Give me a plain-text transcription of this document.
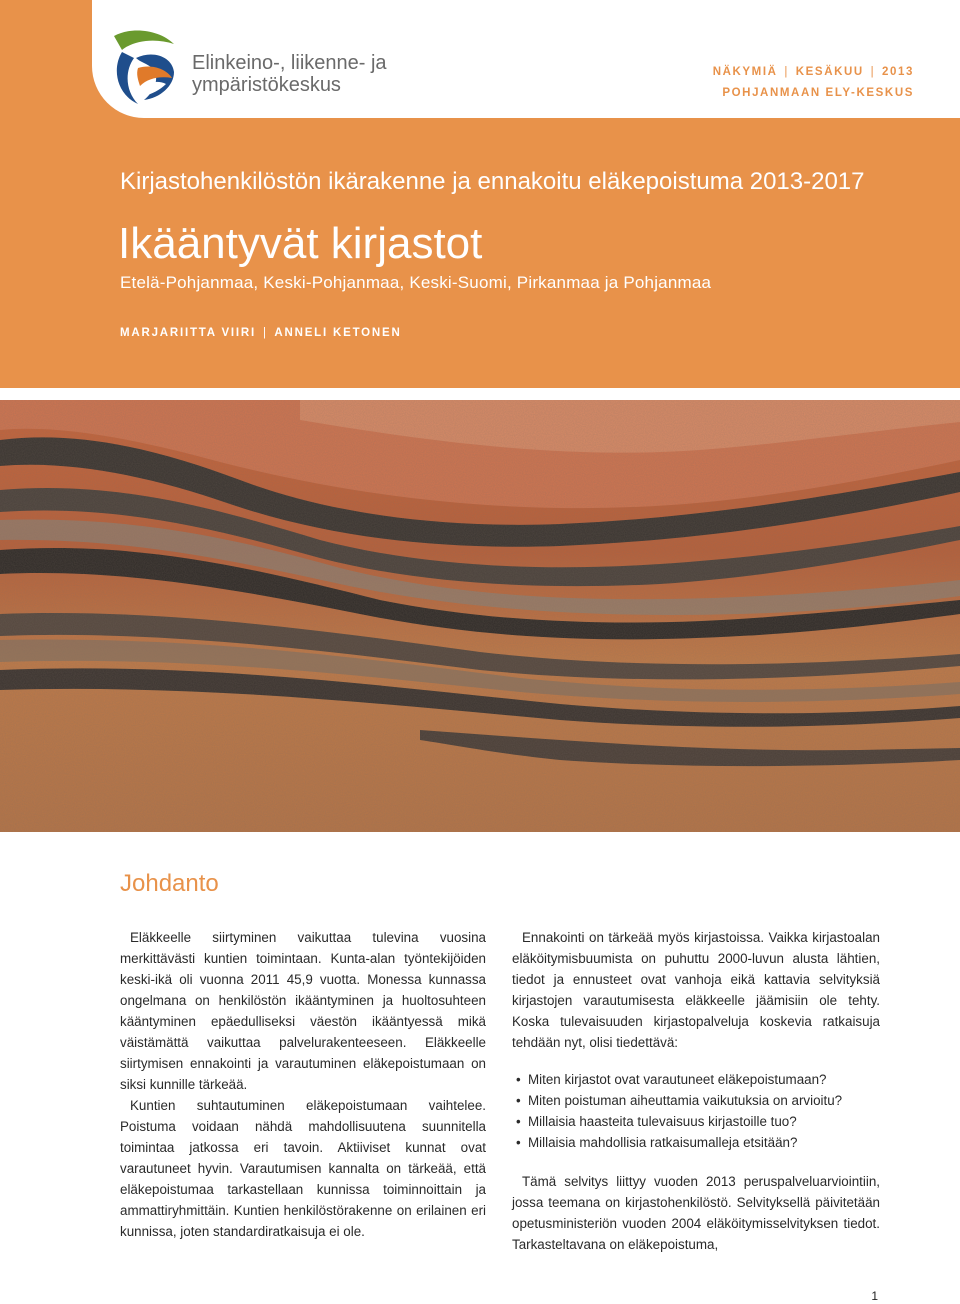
Elinkeino-, liikenne- ja
ympäristökeskus
NÄKYMIÄ | KESÄKUU | 2013
POHJANMAAN ELY-KESKUS
Kirjastohenkilöstön ikärakenne ja ennakoitu eläkepoistuma 2013-2017
Ikääntyvät kirjastot
Etelä-Pohjanmaa, Keski-Pohjanmaa, Keski-Suomi, Pirkanmaa ja Pohjanmaa
MARJARIITTA VIIRI | ANNELI KETONEN
Johdanto

Eläkkeelle siirtyminen vaikuttaa tulevina vuosina merkittävästi kuntien toimintaan. Kunta-alan työntekijöiden keski-ikä oli vuonna 2011 45,9 vuotta. Monessa kunnassa ongelmana on henkilöstön ikääntyminen ja huoltosuhteen kääntyminen epäedulliseksi väestön ikääntyessä mikä väistämättä vaikuttaa palvelurakenteeseen. Eläkkeelle siirtymisen ennakointi ja varautuminen eläkepoistumaan on siksi kunnille tärkeää.

Kuntien suhtautuminen eläkepoistumaan vaihtelee. Poistuma voidaan nähdä mahdollisuutena suunnitella toimintaa jatkossa eri tavoin. Aktiiviset kunnat ovat varautuneet hyvin. Varautumisen kannalta on tärkeää, että eläkepoistumaa tarkastellaan kunnissa toiminnoittain ja ammattiryhmittäin. Kuntien henkilöstörakenne on erilainen eri kunnissa, joten standardiratkaisuja ei ole.

Ennakointi on tärkeää myös kirjastoissa. Vaikka kirjastoalan eläköitymisbuumista on puhuttu 2000-luvun alusta lähtien, tiedot ja ennusteet ovat vanhoja eikä kattavia selvityksiä kirjastojen varautumisesta eläkkeelle jäämisiin ole tehty. Koska tulevaisuuden kirjastopalveluja koskevia ratkaisuja tehdään nyt, olisi tiedettävä:

• Miten kirjastot ovat varautuneet eläkepoistumaan?
• Miten poistuman aiheuttamia vaikutuksia on arvioitu?
• Millaisia haasteita tulevaisuus kirjastoille tuo?
• Millaisia mahdollisia ratkaisumalleja etsitään?

Tämä selvitys liittyy vuoden 2013 peruspalveluarviointiin, jossa teemana on kirjastohenkilöstö. Selvityksellä päivitetään opetusministeriön vuoden 2004 eläköitymisselvityksen tiedot. Tarkasteltavana on eläkepoistuma,

1
